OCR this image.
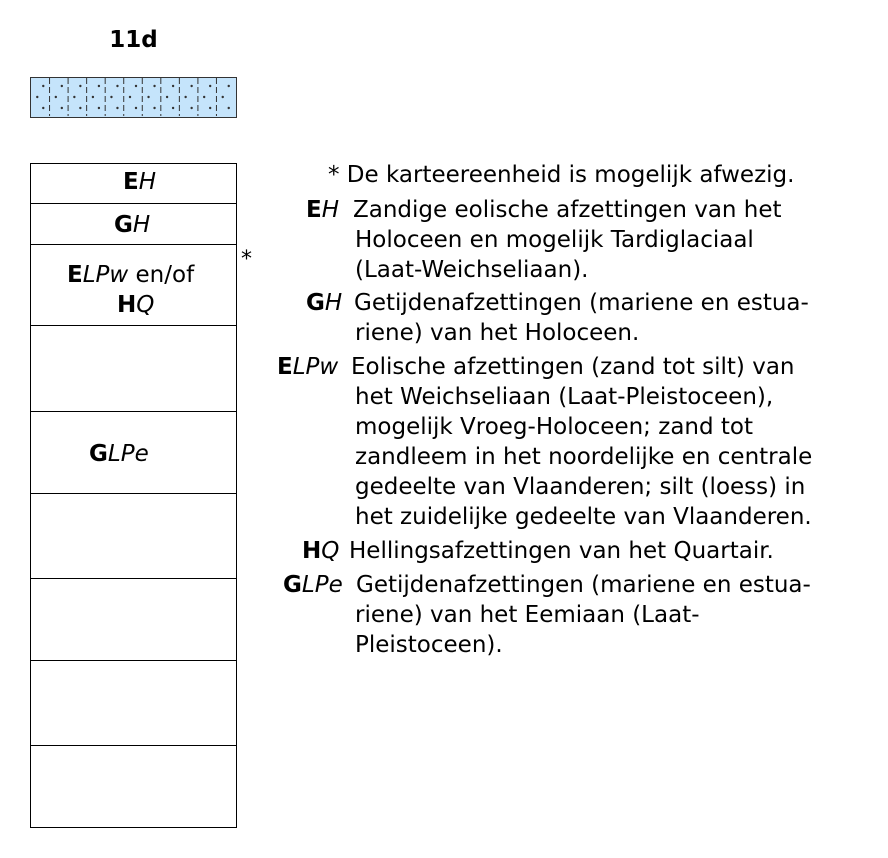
11d
EH
GH
ELPw en/of
HQ
GLPe
*
* De karteereenheid is mogelijk afwezig.
EH Zandige eolische afzettingen van het
Holoceen en mogelijk Tardiglaciaal
(Laat-Weichseliaan).
GH Getijdenafzettingen (mariene en estua-
riene) van het Holoceen.
ELPw Eolische afzettingen (zand tot silt) van
het Weichseliaan (Laat-Pleistoceen),
mogelijk Vroeg-Holoceen; zand tot
zandleem in het noordelijke en centrale
gedeelte van Vlaanderen; silt (loess) in
het zuidelijke gedeelte van Vlaanderen.
HQ Hellingsafzettingen van het Quartair.
GLPe Getijdenafzettingen (mariene en estua-
riene) van het Eemiaan (Laat-
Pleistoceen).
